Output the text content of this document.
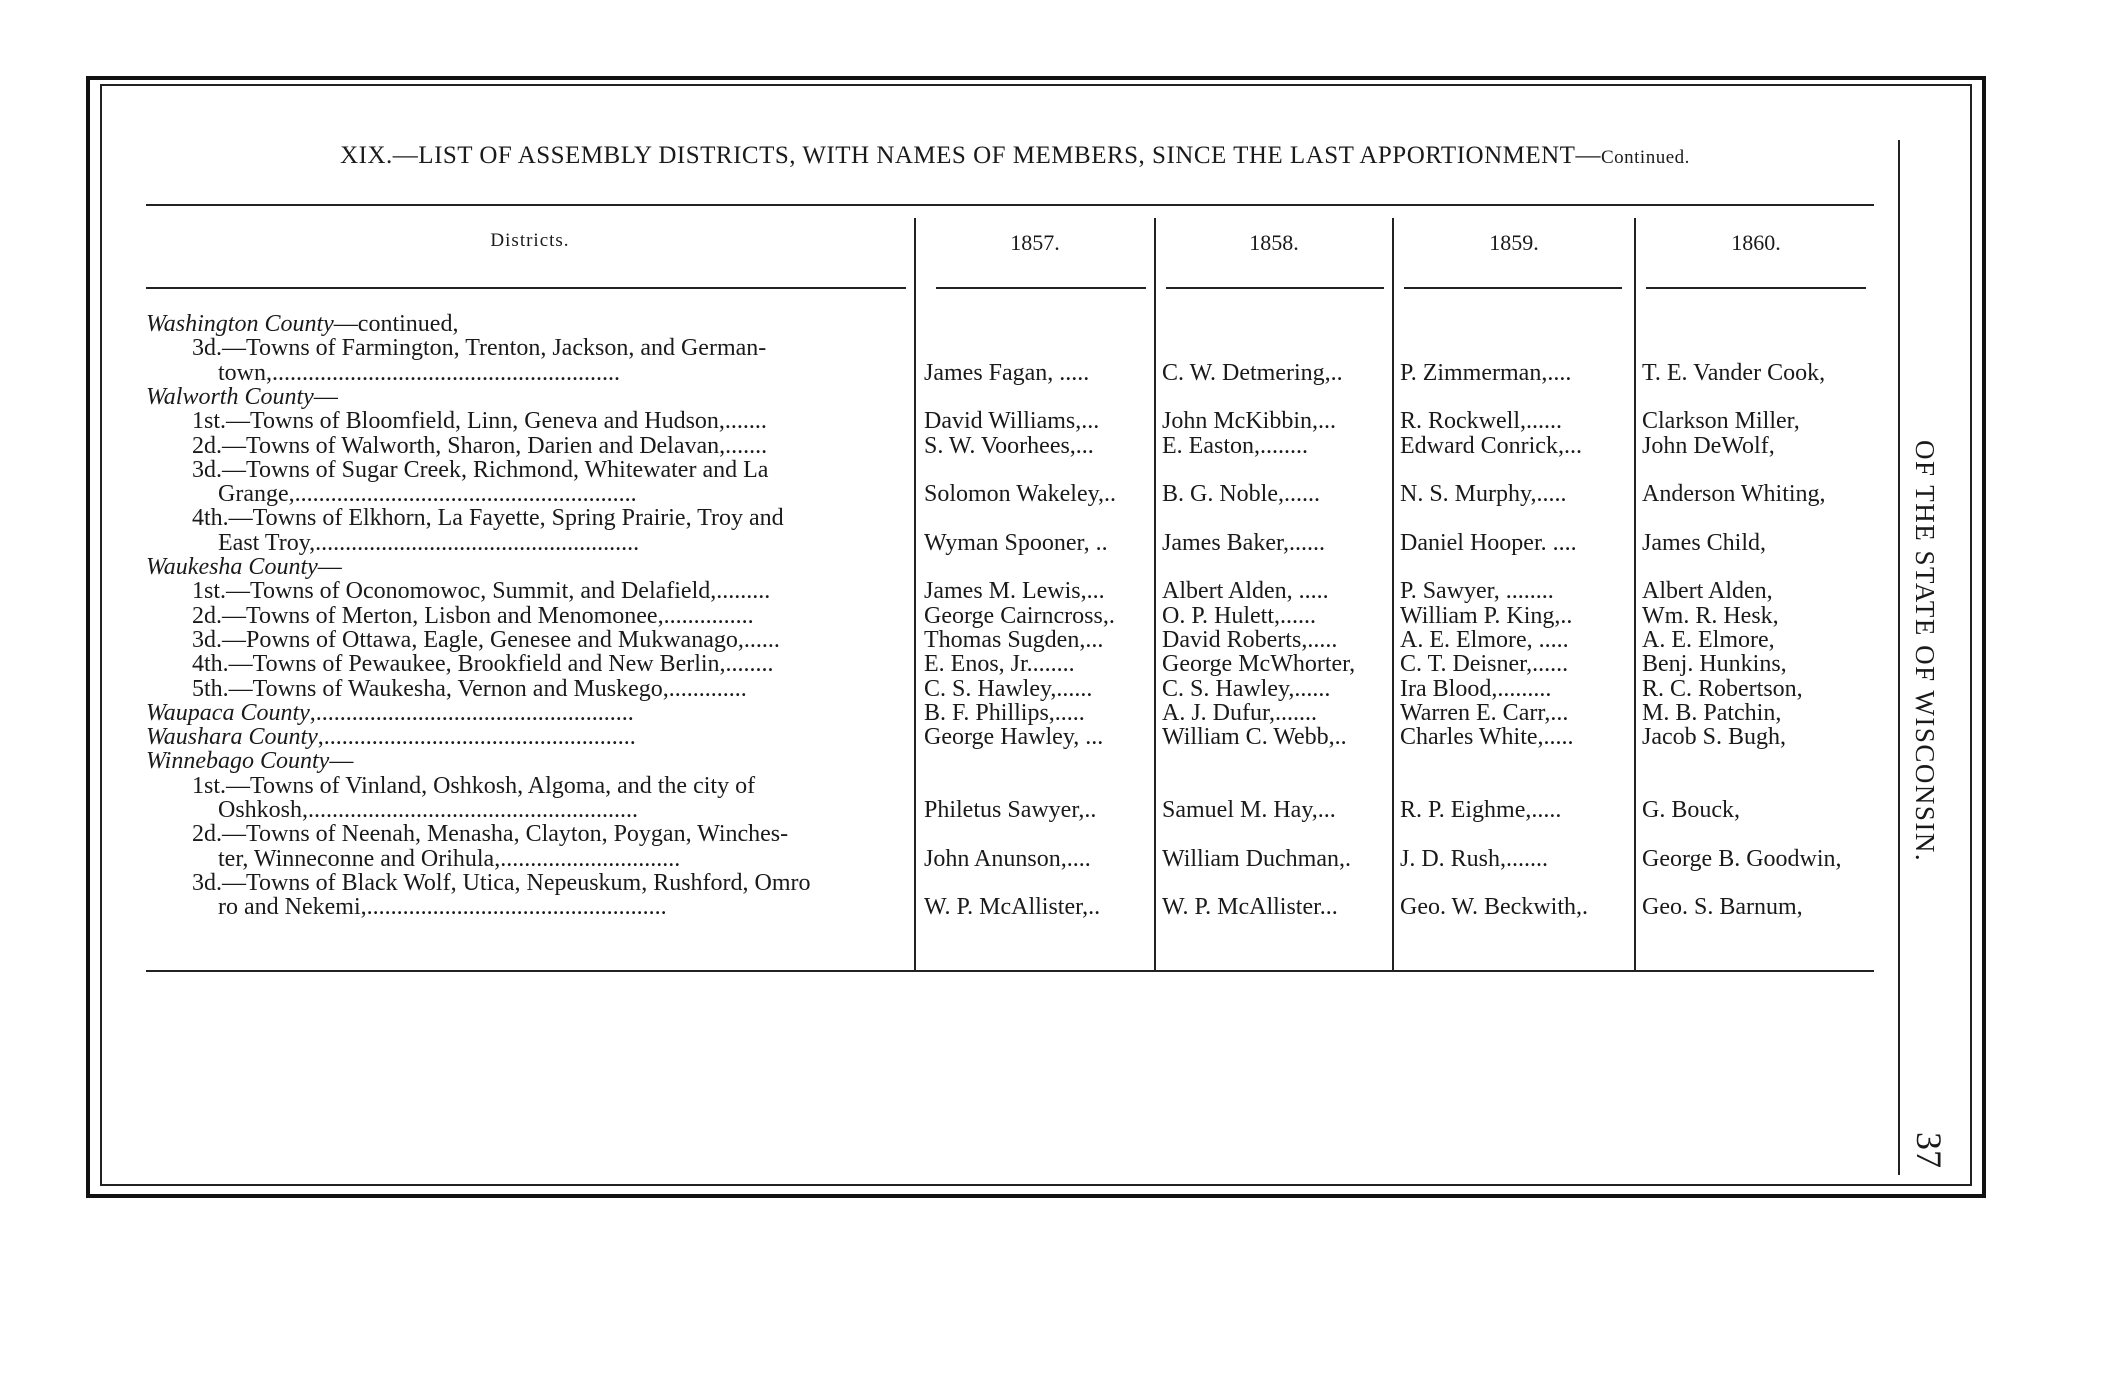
XIX.—LIST OF ASSEMBLY DISTRICTS, WITH NAMES OF MEMBERS, SINCE THE LAST APPORTIONMENT—Continued.
OF THE STATE OF WISCONSIN.
37
Districts.	1857.	1858.	1859.	1860.
Washington County—continued,
3d.—Towns of Farmington, Trenton, Jackson, and German-
town,..........................................................	James Fagan, .....	C. W. Detmering,..	P. Zimmerman,....	T. E. Vander Cook,
Walworth County—
1st.—Towns of Bloomfield, Linn, Geneva and Hudson,.......	David Williams,...	John McKibbin,...	R. Rockwell,......	Clarkson Miller,
2d.—Towns of Walworth, Sharon, Darien and Delavan,.......	S. W. Voorhees,...	E. Easton,........	Edward Conrick,...	John DeWolf,
3d.—Towns of Sugar Creek, Richmond, Whitewater and La
Grange,.........................................................	Solomon Wakeley,..	B. G. Noble,......	N. S. Murphy,.....	Anderson Whiting,
4th.—Towns of Elkhorn, La Fayette, Spring Prairie, Troy and
East Troy,......................................................	Wyman Spooner, ..	James Baker,......	Daniel Hooper. ....	James Child,
Waukesha County—
1st.—Towns of Oconomowoc, Summit, and Delafield,.........	James M. Lewis,...	Albert Alden, .....	P. Sawyer, ........	Albert Alden,
2d.—Towns of Merton, Lisbon and Menomonee,...............	George Cairncross,.	O. P. Hulett,......	William P. King,..	Wm. R. Hesk,
3d.—Powns of Ottawa, Eagle, Genesee and Mukwanago,......	Thomas Sugden,...	David Roberts,.....	A. E. Elmore, .....	A. E. Elmore,
4th.—Towns of Pewaukee, Brookfield and New Berlin,........	E. Enos, Jr........	George McWhorter,	C. T. Deisner,......	Benj. Hunkins,
5th.—Towns of Waukesha, Vernon and Muskego,.............	C. S. Hawley,......	C. S. Hawley,......	Ira Blood,.........	R. C. Robertson,
Waupaca County,.....................................................	B. F. Phillips,.....	A. J. Dufur,.......	Warren E. Carr,...	M. B. Patchin,
Waushara County,....................................................	George Hawley, ...	William C. Webb,..	Charles White,.....	Jacob S. Bugh,
Winnebago County—
1st.—Towns of Vinland, Oshkosh, Algoma, and the city of
Oshkosh,.......................................................	Philetus Sawyer,..	Samuel M. Hay,...	R. P. Eighme,.....	G. Bouck,
2d.—Towns of Neenah, Menasha, Clayton, Poygan, Winches-
ter, Winneconne and Orihula,..............................	John Anunson,....	William Duchman,.	J. D. Rush,.......	George B. Goodwin,
3d.—Towns of Black Wolf, Utica, Nepeuskum, Rushford, Omro
ro and Nekemi,..................................................	W. P. McAllister,..	W. P. McAllister...	Geo. W. Beckwith,.	Geo. S. Barnum,
